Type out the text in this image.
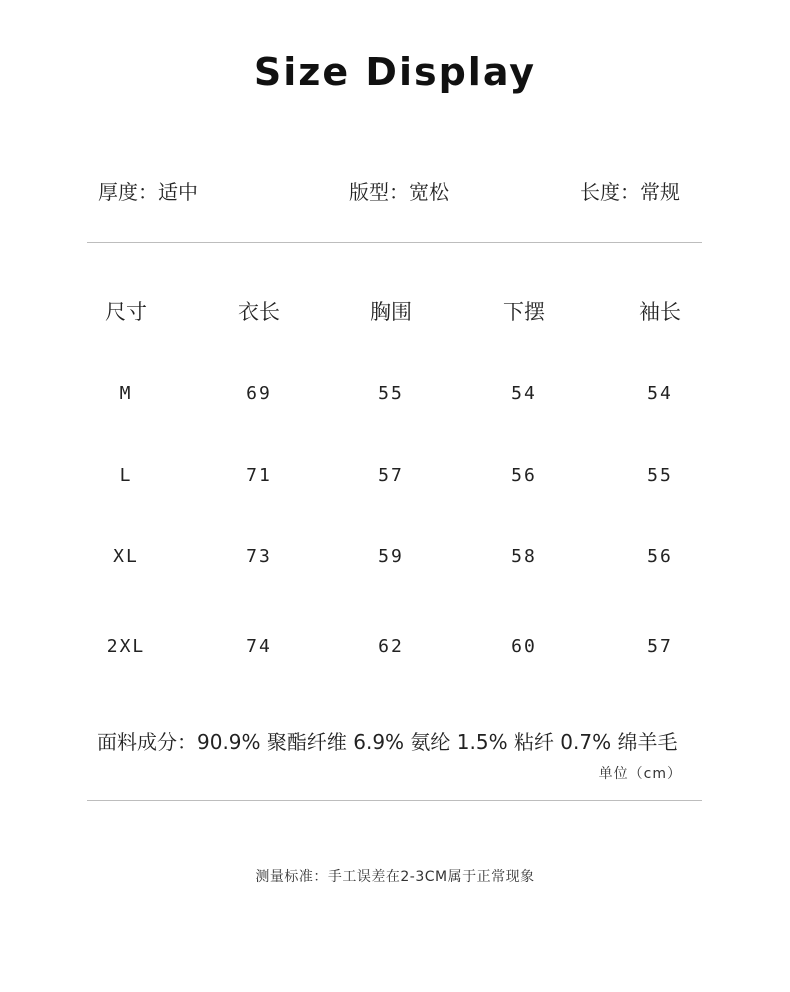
Size Display
厚度：适中	版型：宽松	长度：常规
尺寸	衣长	胸围	下摆	袖长
M	69	55	54	54
L	71	57	56	55
XL	73	59	58	56
2XL	74	62	60	57
面料成分：90.9% 聚酯纤维 6.9% 氨纶 1.5% 粘纤 0.7% 绵羊毛
单位（cm）
测量标准：手工误差在2-3CM属于正常现象
